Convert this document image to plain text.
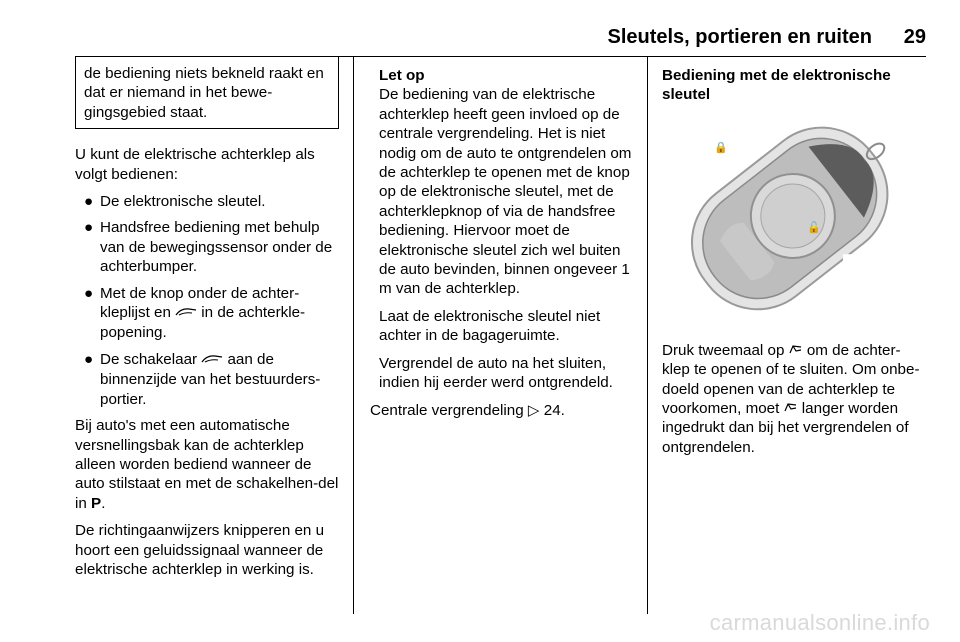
Sleutels, portieren en ruiten 29
de bediening niets bekneld raakt en dat er niemand in het bewe-gingsgebied staat.

U kunt de elektrische achterklep als volgt bedienen:

● De elektronische sleutel.
● Handsfree bediening met behulp van de bewegingssensor onder de achterbumper.
● Met de knop onder de achter-kleplijst en  in de achterkle-popening.
● De schakelaar  aan de binnenzijde van het bestuurders-portier.

Bij auto's met een automatische versnellingsbak kan de achterklep alleen worden bediend wanneer de auto stilstaat en met de schakelhen-del in P.

De richtingaanwijzers knipperen en u hoort een geluidssignaal wanneer de elektrische achterklep in werking is.

Let op

De bediening van de elektrische achterklep heeft geen invloed op de centrale vergrendeling. Het is niet nodig om de auto te ontgrendelen om de achterklep te openen met de knop op de elektronische sleutel, met de achterklepknop of via de handsfree bediening. Hiervoor moet de elektronische sleutel zich wel buiten de auto bevinden, binnen ongeveer 1 m van de achterklep.

Laat de elektronische sleutel niet achter in de bagageruimte.

Vergrendel de auto na het sluiten, indien hij eerder werd ontgrendeld.

Centrale vergrendeling ▷ 24.

Bediening met de elektronische sleutel
🔒
🔓
⛟

Druk tweemaal op  om de achter-klep te openen of te sluiten. Om onbe-doeld openen van de achterklep te voorkomen, moet  langer worden ingedrukt dan bij het vergrendelen of ontgrendelen.

carmanualsonline.info
